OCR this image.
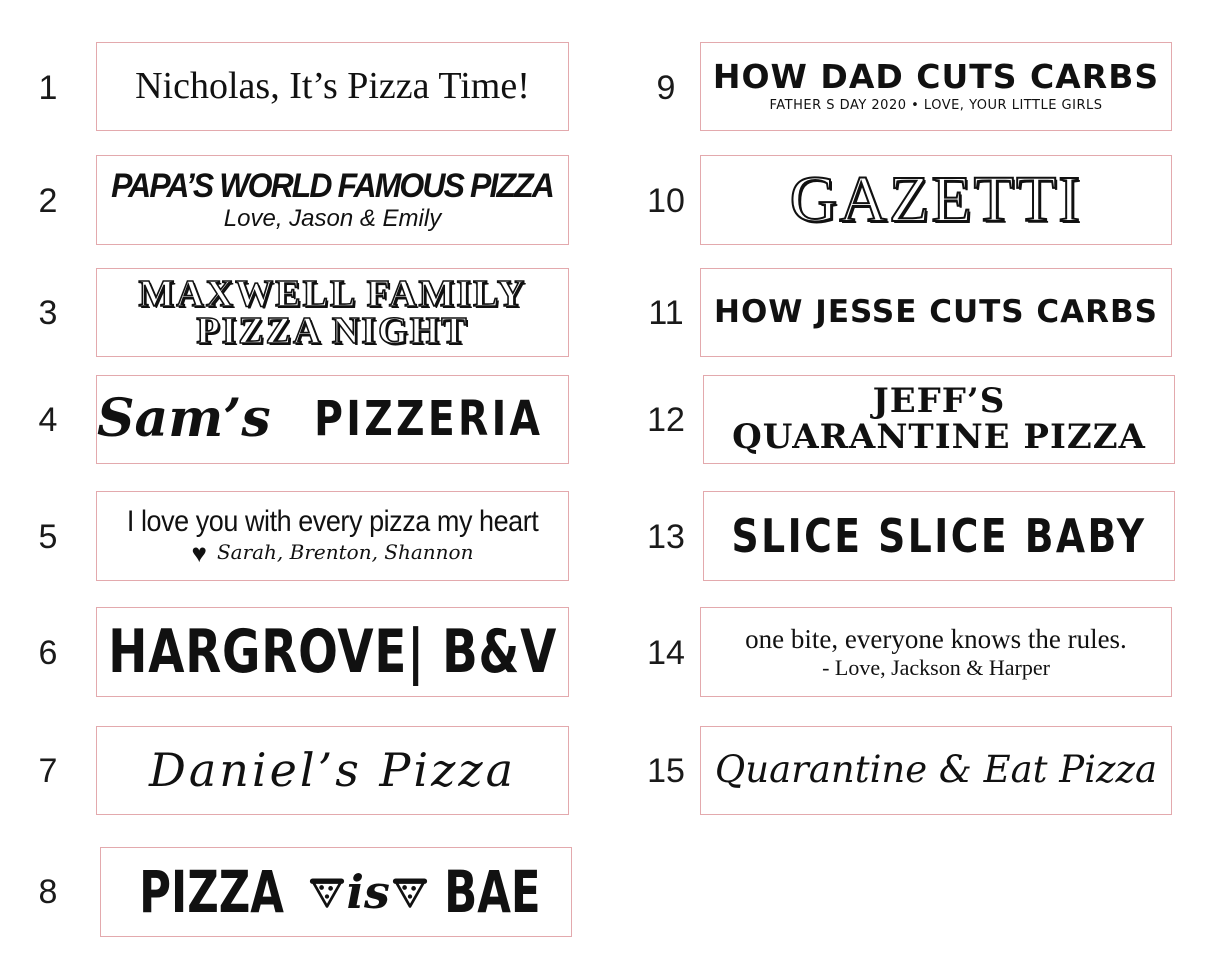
1	Nicholas, It’s Pizza Time!
2	PAPA’S WORLD FAMOUS PIZZA
Love, Jason & Emily
3	MAXWELL FAMILY
PIZZA NIGHT
4 Sam’s PIZZERIA
5	I love you with every pizza my heart
♥ Sarah, Brenton, Shannon
6 HARGROVE| B&V
7	Daniel’s Pizza
8	PIZZA is BAE
9	HOW DAD CUTS CARBS
FATHER S DAY 2020 • LOVE, YOUR LITTLE GIRLS
10 GAZETTI
11 HOW JESSE CUTS CARBS
12	JEFF’S
QUARANTINE PIZZA
13 SLICE SLICE BABY
14	one bite, everyone knows the rules.
- Love, Jackson & Harper
15 Quarantine & Eat Pizza
